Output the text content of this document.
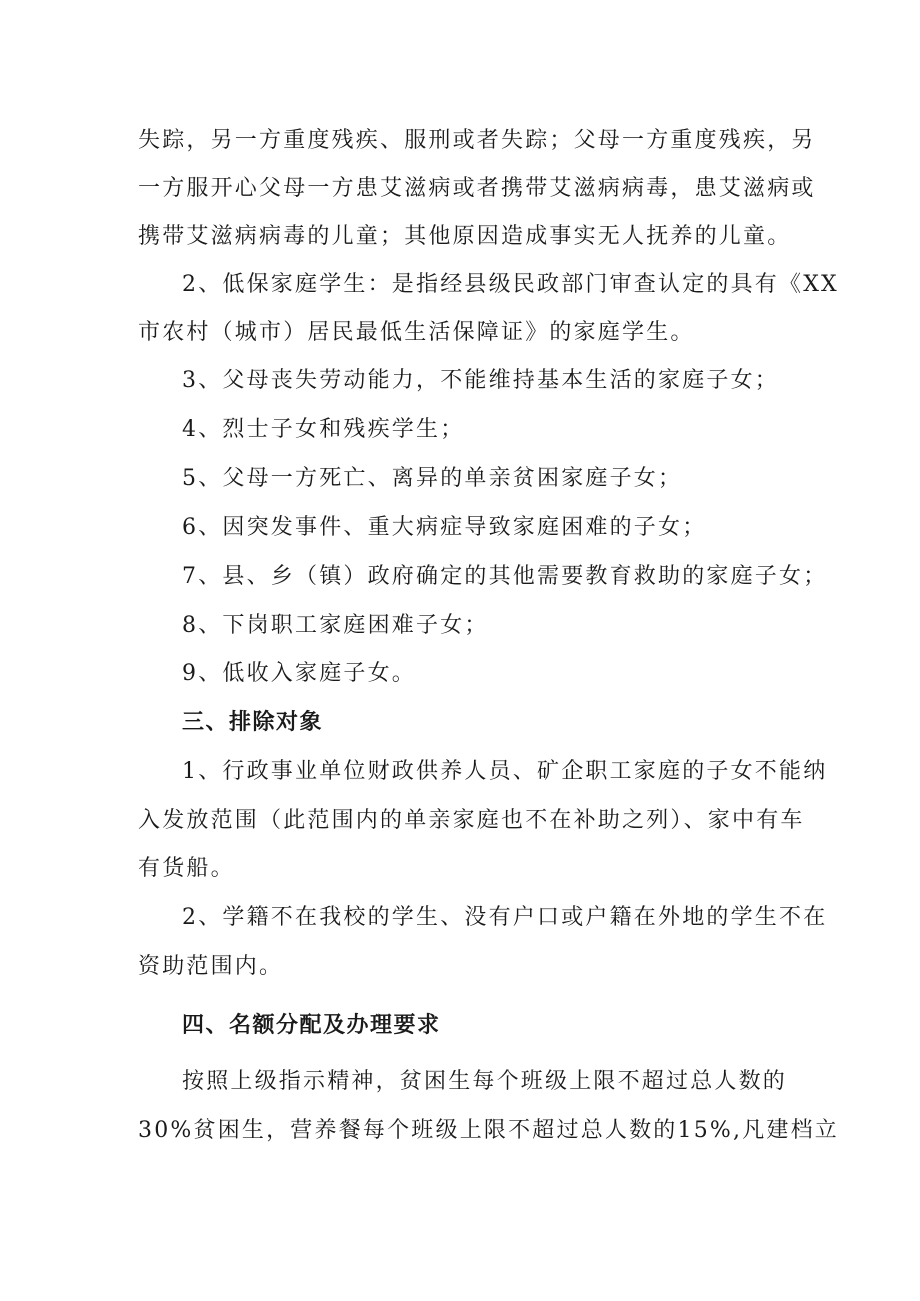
失踪，另一方重度残疾、服刑或者失踪；父母一方重度残疾，另
一方服开心父母一方患艾滋病或者携带艾滋病病毒，患艾滋病或
携带艾滋病病毒的儿童；其他原因造成事实无人抚养的儿童。
2、低保家庭学生：是指经县级民政部门审查认定的具有《XX
市农村（城市）居民最低生活保障证》的家庭学生。
3、父母丧失劳动能力，不能维持基本生活的家庭子女；
4、烈士子女和残疾学生；
5、父母一方死亡、离异的单亲贫困家庭子女；
6、因突发事件、重大病症导致家庭困难的子女；
7、县、乡（镇）政府确定的其他需要教育救助的家庭子女；
8、下岗职工家庭困难子女；
9、低收入家庭子女。
三、排除对象
1、行政事业单位财政供养人员、矿企职工家庭的子女不能纳
入发放范围（此范围内的单亲家庭也不在补助之列）、家中有车
有货船。
2、学籍不在我校的学生、没有户口或户籍在外地的学生不在
资助范围内。
四、名额分配及办理要求
按照上级指示精神，贫困生每个班级上限不超过总人数的
30%贫困生，营养餐每个班级上限不超过总人数的15%,凡建档立
